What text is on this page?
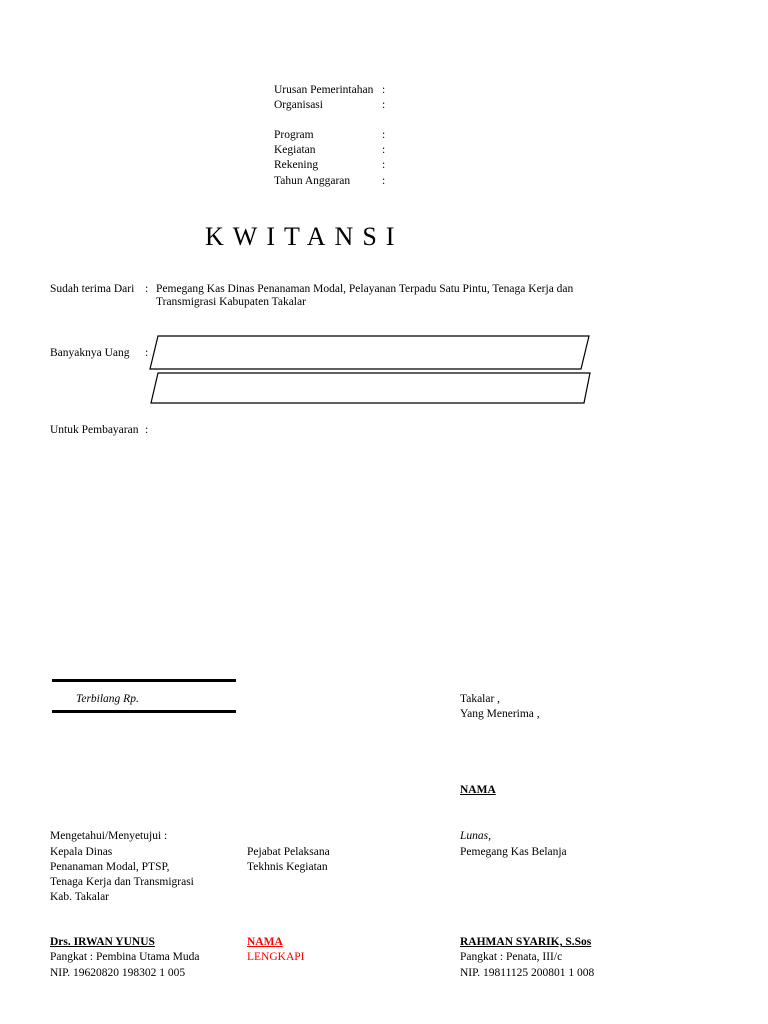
Urusan Pemerintahan :
Organisasi	:
Program	:
Kegiatan	:
Rekening	:
Tahun Anggaran	:
KWITANSI
Sudah terima Dari : Pemegang Kas Dinas Penanaman Modal, Pelayanan Terpadu Satu Pintu, Tenaga Kerja dan
Transmigrasi Kabupaten Takalar
Banyaknya Uang :
Untuk Pembayaran :
Terbilang Rp.	Takalar ,
Yang Menerima ,
NAMA
Mengetahui/Menyetujui :
Kepala Dinas
Penanaman Modal, PTSP,
Tenaga Kerja dan Transmigrasi
Kab. Takalar
Drs. IRWAN YUNUS
Pangkat : Pembina Utama Muda
NIP. 19620820 198302 1 005
Pejabat Pelaksana
Tekhnis Kegiatan
NAMA
LENGKAPI
Lunas,
Pemegang Kas Belanja
RAHMAN SYARIK, S.Sos
Pangkat : Penata, III/c
NIP. 19811125 200801 1 008
